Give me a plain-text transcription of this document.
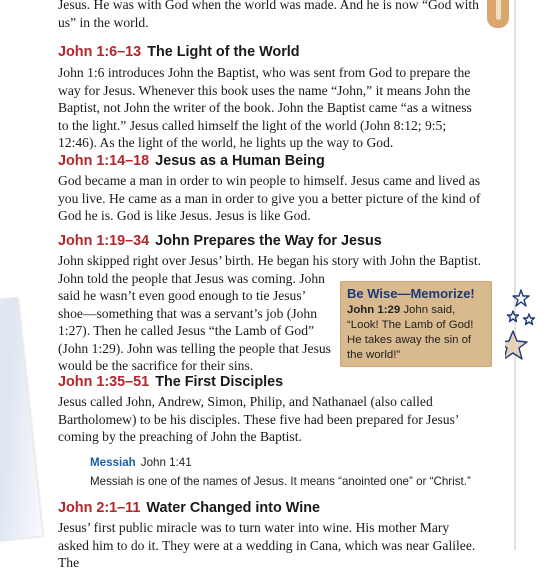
Jesus. He was with God when the world was made. And he is now “God with us” in the world.

John 1:6–13 The Light of the World

John 1:6 introduces John the Baptist, who was sent from God to prepare the way for Jesus. Whenever this book uses the name “John,” it means John the Baptist, not John the writer of the book. John the Baptist came “as a witness to the light.” Jesus called himself the light of the world (John 8:12; 9:5; 12:46). As the light of the world, he lights up the way to God.

John 1:14–18 Jesus as a Human Being

God became a man in order to win people to himself. Jesus came and lived as you live. He came as a man in order to give you a better picture of the kind of God he is. God is like Jesus. Jesus is like God.

John 1:19–34 John Prepares the Way for Jesus

John skipped right over Jesus’ birth. He began his story with John the Baptist. John told the people that Jesus was coming. John

said he wasn’t even good enough to tie Jesus’ shoe—something that was a servant’s job (John 1:27). Then he called Jesus “the Lamb of God” (John 1:29). John was telling the people that Jesus would be the sacrifice for their sins.

John 1:35–51 The First Disciples

Jesus called John, Andrew, Simon, Philip, and Nathanael (also called Bartholomew) to be his disciples. These five had been prepared for Jesus’ coming by the preaching of John the Baptist.

Messiah John 1:41
Messiah is one of the names of Jesus. It means “anointed one” or “Christ.”
John 2:1–11 Water Changed into Wine

Jesus’ first public miracle was to turn water into wine. His mother Mary asked him to do it. They were at a wedding in Cana, which was near Galilee. The

Be Wise—Memorize!
John 1:29 John said, “Look! The Lamb of God! He takes away the sin of the world!”
